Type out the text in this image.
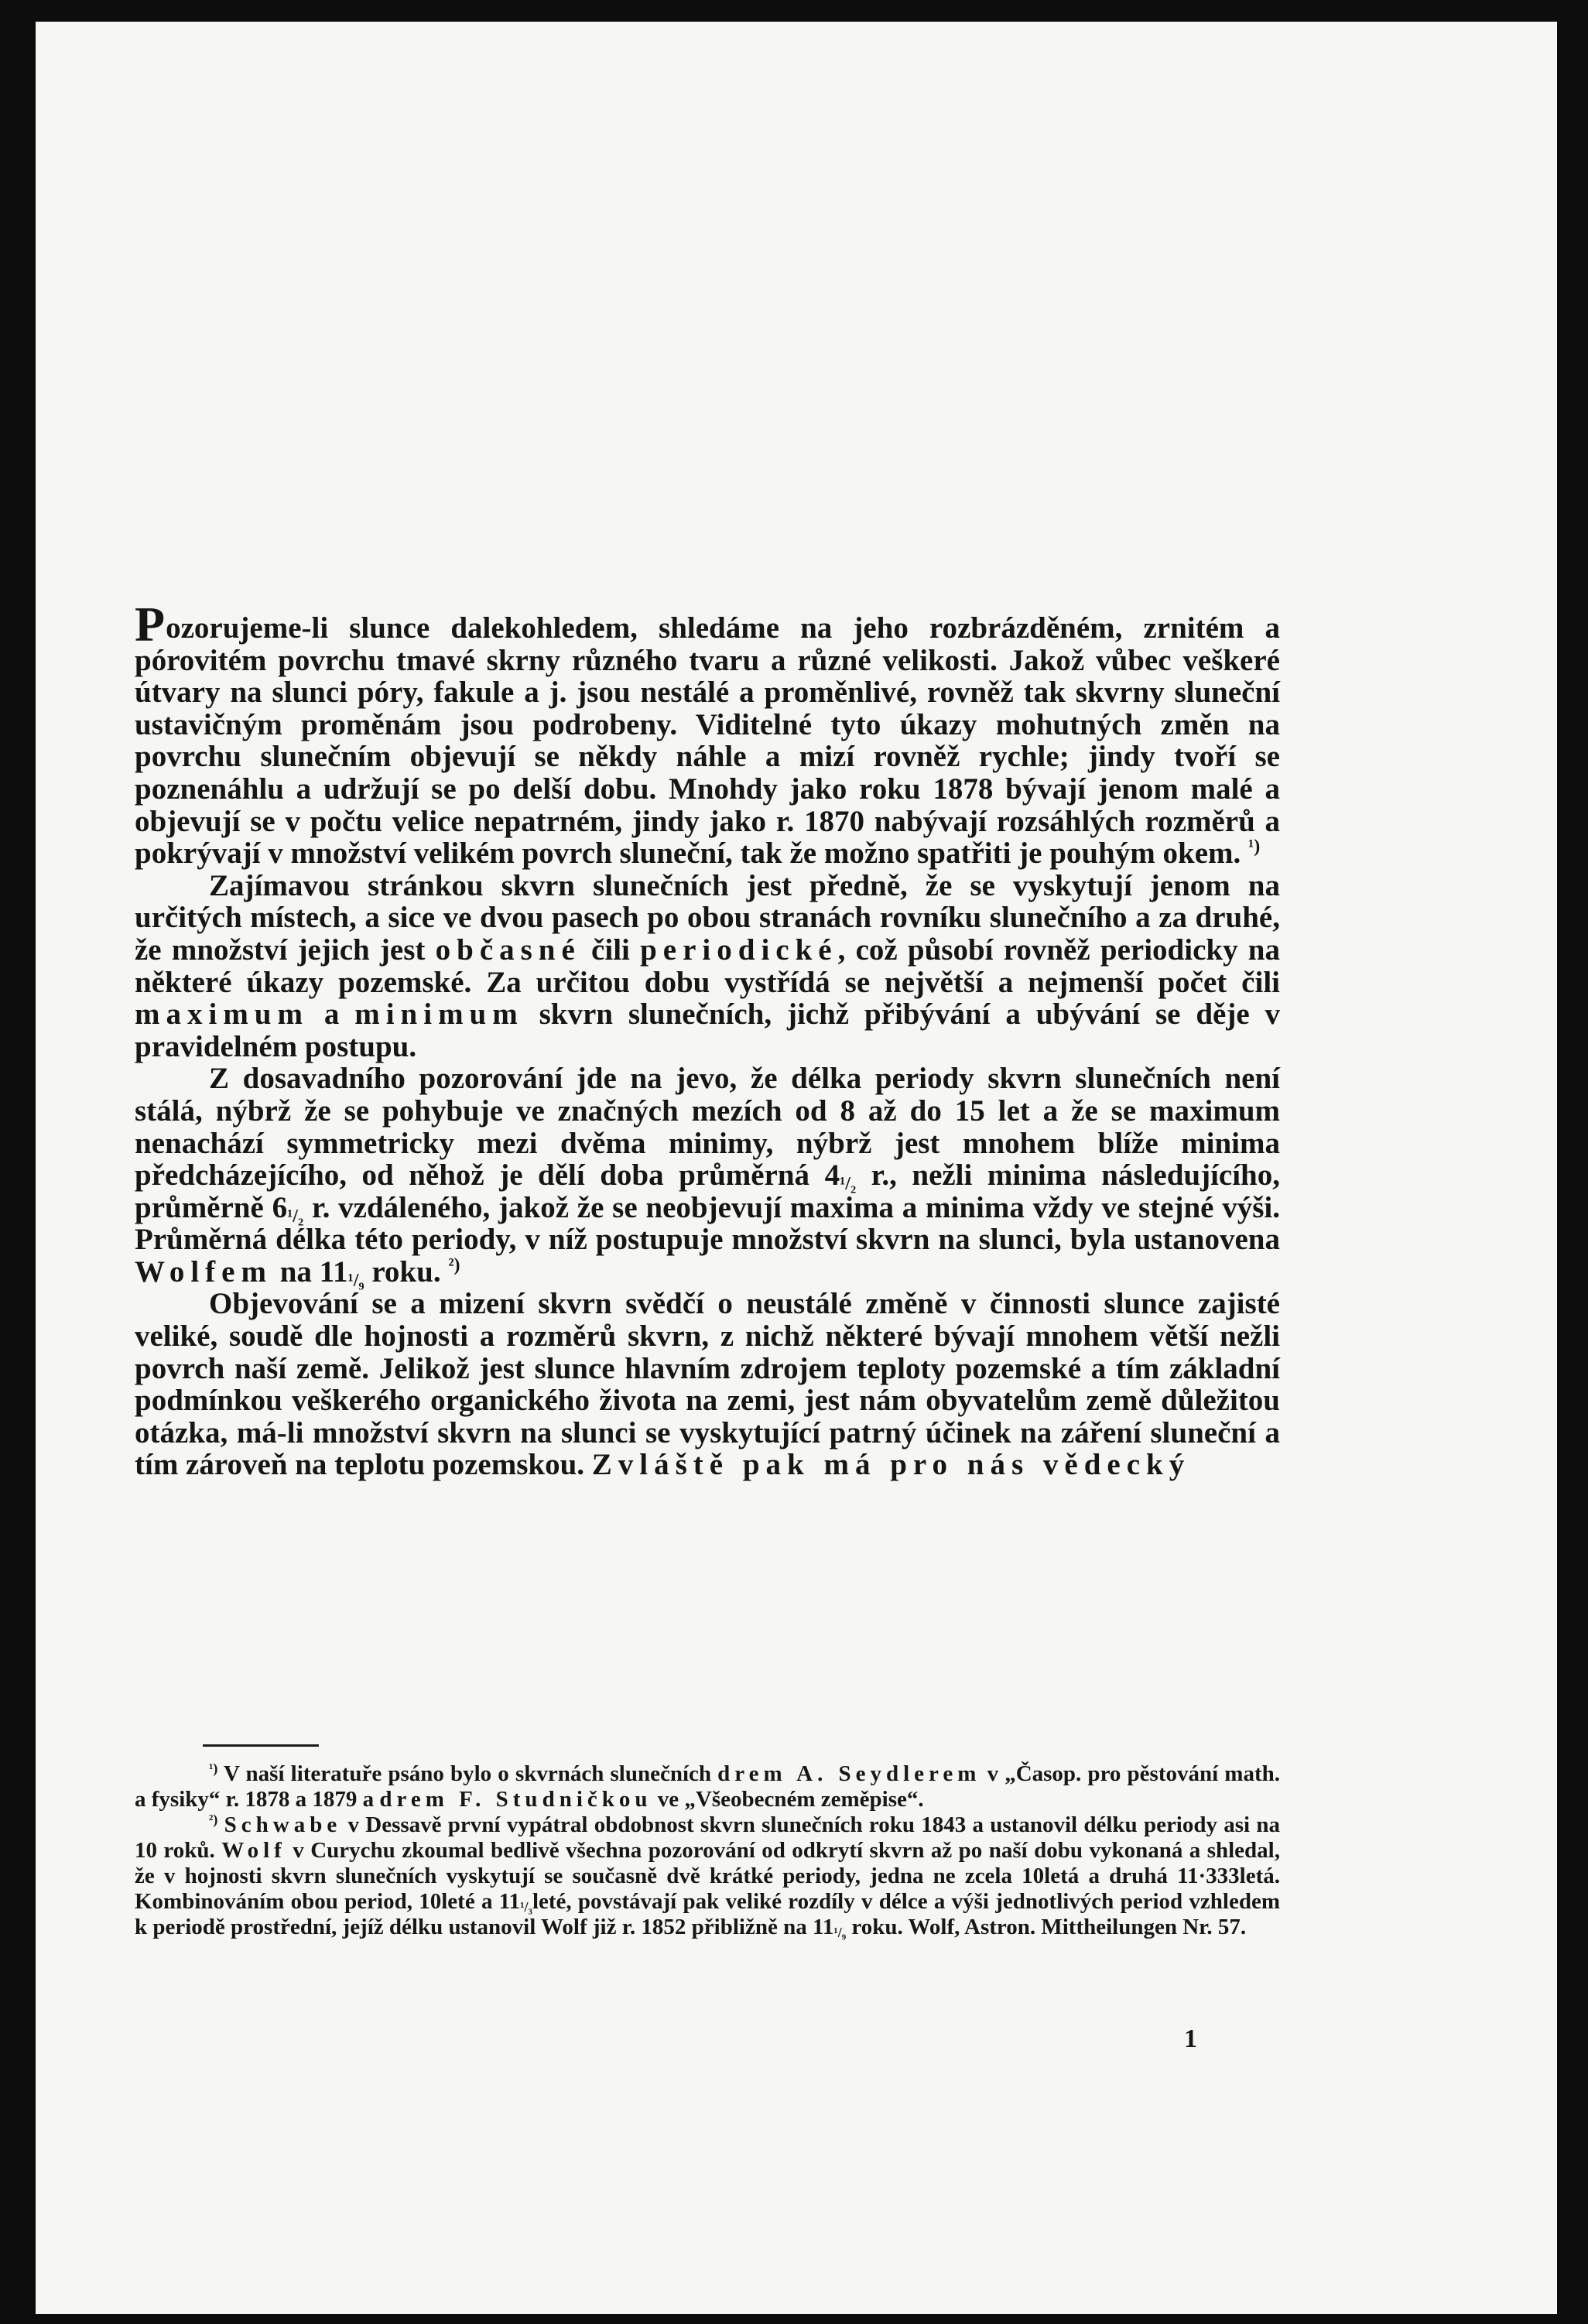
Pozorujeme-li slunce dalekohledem, shledáme na jeho rozbrázděném, zrnitém a pórovitém povrchu tmavé skrny různého tvaru a různé velikosti. Jakož vůbec veškeré útvary na slunci póry, fakule a j. jsou nestálé a proměnlivé, rovněž tak skvrny sluneční ustavičným proměnám jsou podrobeny. Viditelné tyto úkazy mohutných změn na povrchu slunečním objevují se někdy náhle a mizí rovněž rychle; jindy tvoří se poznenáhlu a udržují se po delší dobu. Mnohdy jako roku 1878 bývají jenom malé a objevují se v počtu velice nepatrném, jindy jako r. 1870 nabývají rozsáhlých rozměrů a pokrývají v množství velikém povrch sluneční, tak že možno spatřiti je pouhým okem. $^{^1)}$

Zajímavou stránkou skvrn slunečních jest předně, že se vyskytují jenom na určitých místech, a sice ve dvou pasech po obou stranách rovníku slunečního a za druhé, že množství jejich jest občasné čili periodické, což působí rovněž periodicky na některé úkazy pozemské. Za určitou dobu vystřídá se největší a nejmenší počet čili maximum a minimum skvrn slunečních, jichž přibývání a ubývání se děje v pravidelném postupu.

Z dosavadního pozorování jde na jevo, že délka periody skvrn slunečních není stálá, nýbrž že se pohybuje ve značných mezích od 8 až do 15 let a že se maximum nenachází symmetricky mezi dvěma minimy, nýbrž jest mnohem blíže minima předcházejícího, od něhož je dělí doba průměrná $4_{^1/_2}$ r., nežli minima následujícího, průměrně $6_{^1/_2}$ r. vzdáleného, jakož že se neobjevují maxima a minima vždy ve stejné výši. Průměrná délka této periody, v níž postupuje množství skvrn na slunci, byla ustanovena Wolfem na $11_{^1/_9}$ roku. $^{^2)}$

Objevování se a mizení skvrn svědčí o neustálé změně v činnosti slunce zajisté veliké, soudě dle hojnosti a rozměrů skvrn, z nichž některé bývají mnohem větší nežli povrch naší země. Jelikož jest slunce hlavním zdrojem teploty pozemské a tím základní podmínkou veškerého organického života na zemi, jest nám obyvatelům země důležitou otázka, má-li množství skvrn na slunci se vyskytující patrný účinek na záření sluneční a tím zároveň na teplotu pozemskou. Zvláště pak má pro nás vědecký

$^{^1)}$ V naší literatuře psáno bylo o skvrnách slunečních drem A. Seydlerem v „Časop. pro pěstování math. a fysiky“ r. 1878 a 1879 a drem F. Studničkou ve „Všeobecném zeměpise“.

$^{^2)}$ Schwabe v Dessavě první vypátral obdobnost skvrn slunečních roku 1843 a ustanovil délku periody asi na 10 roků. Wolf v Curychu zkoumal bedlivě všechna pozorování od odkrytí skvrn až po naší dobu vykonaná a shledal, že v hojnosti skvrn slunečních vyskytují se současně dvě krátké periody, jedna ne zcela 10letá a druhá 11·333letá. Kombinováním obou period, 10leté a $11_{^1/_3}leté$, povstávají pak veliké rozdíly v délce a výši jednotlivých period vzhledem k periodě prostřední, jejíž délku ustanovil Wolf již r. 1852 přibližně na $11_{^1/_9}$ roku. Wolf, Astron. Mittheilungen Nr. 57.

1
